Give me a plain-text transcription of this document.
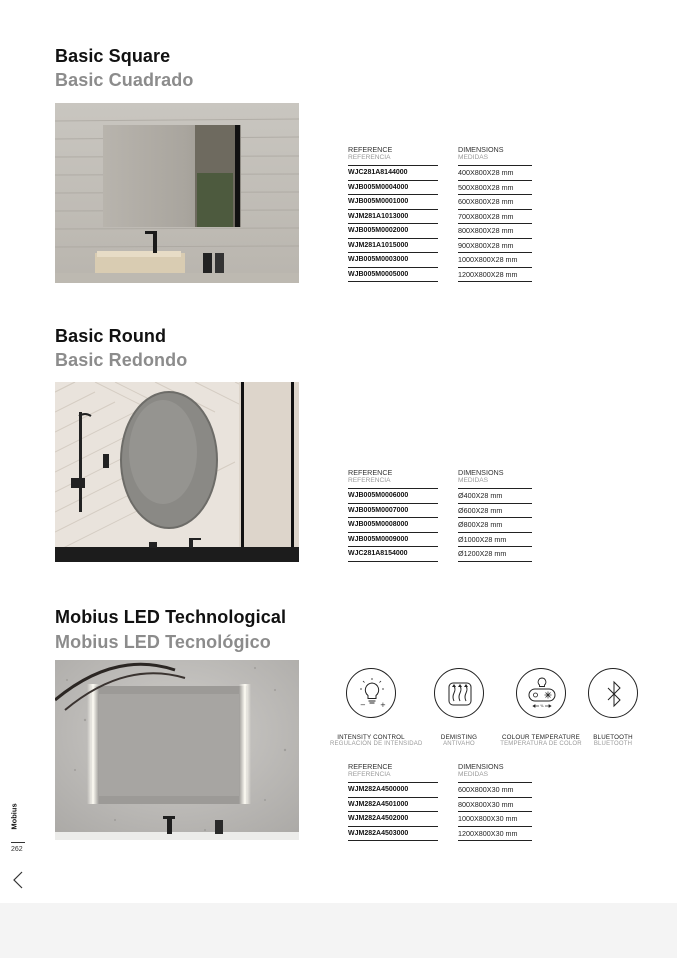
Basic Square
Basic Cuadrado
REFERENCE
REFERENCIA		DIMENSIONS
MEDIDAS

WJC281A8144000		400X800X28 mm
WJB005M0004000		500X800X28 mm
WJB005M0001000		600X800X28 mm
WJM281A1013000		700X800X28 mm
WJB005M0002000		800X800X28 mm
WJM281A1015000		900X800X28 mm
WJB005M0003000		1000X800X28 mm
WJB005M0005000		1200X800X28 mm
Basic Round
Basic Redondo
REFERENCE
REFERENCIA		DIMENSIONS
MEDIDAS

WJB005M0006000		Ø400X28 mm
WJB005M0007000		Ø600X28 mm
WJB005M0008000		Ø800X28 mm
WJB005M0009000		Ø1000X28 mm
WJC281A8154000		Ø1200X28 mm
Mobius LED Technological
Mobius LED Tecnológico
− +
INTENSITY CONTROL
REGULACIÓN DE INTENSIDAD
DEMISTING
ANTIVAHO
%
COLOUR TEMPERATURE
TEMPERATURA DE COLOR
BLUETOOTH
BLUETOOTH
REFERENCE
REFERENCIA		DIMENSIONS
MEDIDAS

WJM282A4500000		600X800X30 mm
WJM282A4501000		800X800X30 mm
WJM282A4502000		1000X800X30 mm
WJM282A4503000		1200X800X30 mm
Mobius
262
